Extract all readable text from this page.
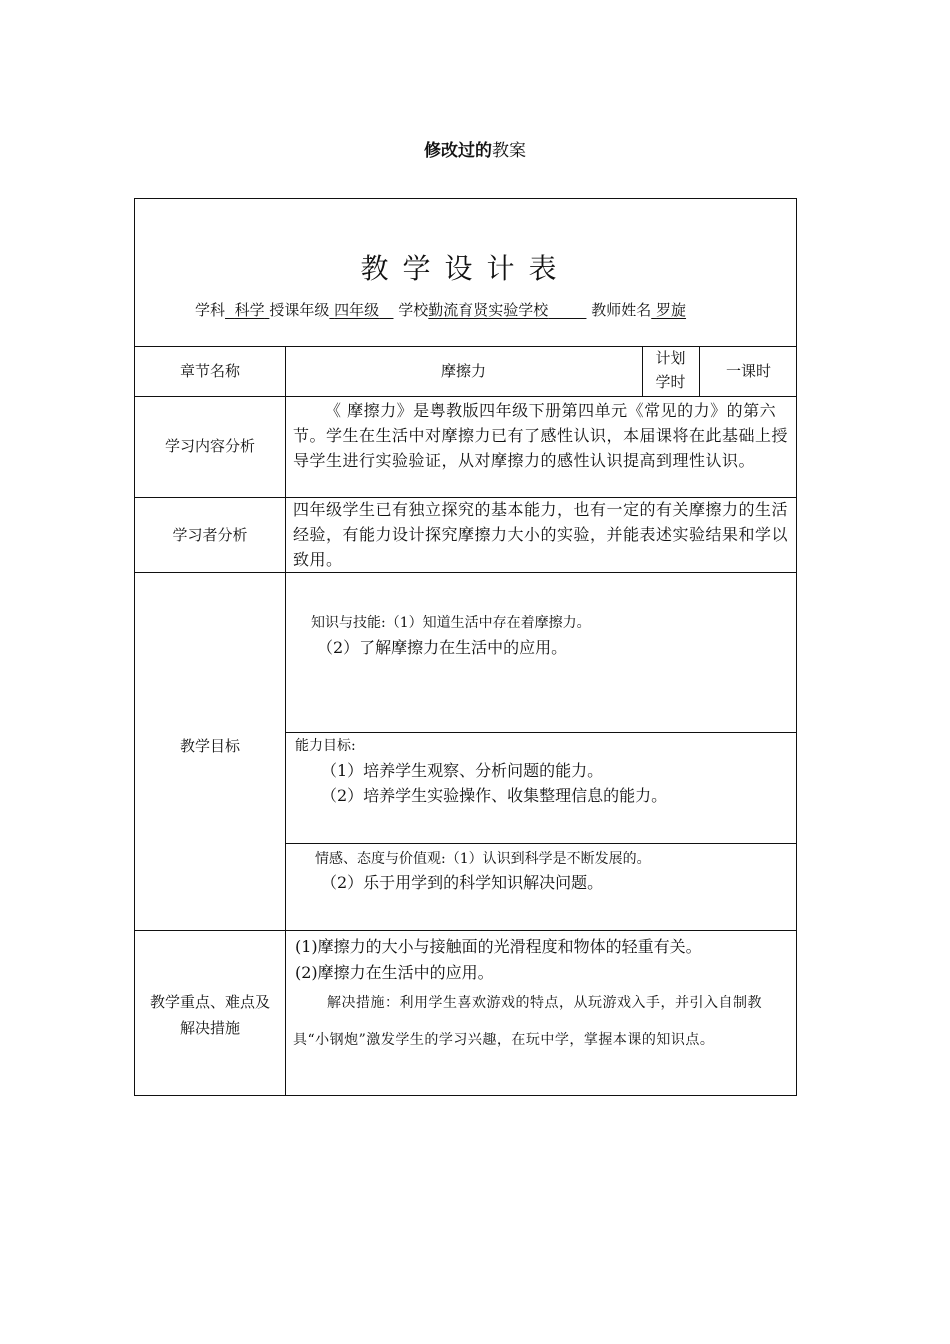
修改过的教案
教学设计表
学科 科学 授课年级 四年级 学校勤流育贤实验学校	教师姓名 罗旋
章节名称	摩擦力
计划
学时
一课时
学习内容分析
《 摩擦力》是粤教版四年级下册第四单元《常见的力》的第六节。学生在生活中对摩擦力已有了感性认识，本届课将在此基础上授导学生进行实验验证，从对摩擦力的感性认识提高到理性认识。
学习者分析
四年级学生已有独立探究的基本能力，也有一定的有关摩擦力的生活经验，有能力设计探究摩擦力大小的实验，并能表述实验结果和学以致用。
教学目标
知识与技能:（1）知道生活中存在着摩擦力。
（2）了解摩擦力在生活中的应用。
能力目标:
（1）培养学生观察、分析问题的能力。
（2）培养学生实验操作、收集整理信息的能力。
情感、态度与价值观:（1）认识到科学是不断发展的。
（2）乐于用学到的科学知识解决问题。
教学重点、难点及
解决措施
(1)摩擦力的大小与接触面的光滑程度和物体的轻重有关。
(2)摩擦力在生活中的应用。
解决措施：利用学生喜欢游戏的特点，从玩游戏入手，并引入自制教具“小钢炮”激发学生的学习兴趣，在玩中学，掌握本课的知识点。
